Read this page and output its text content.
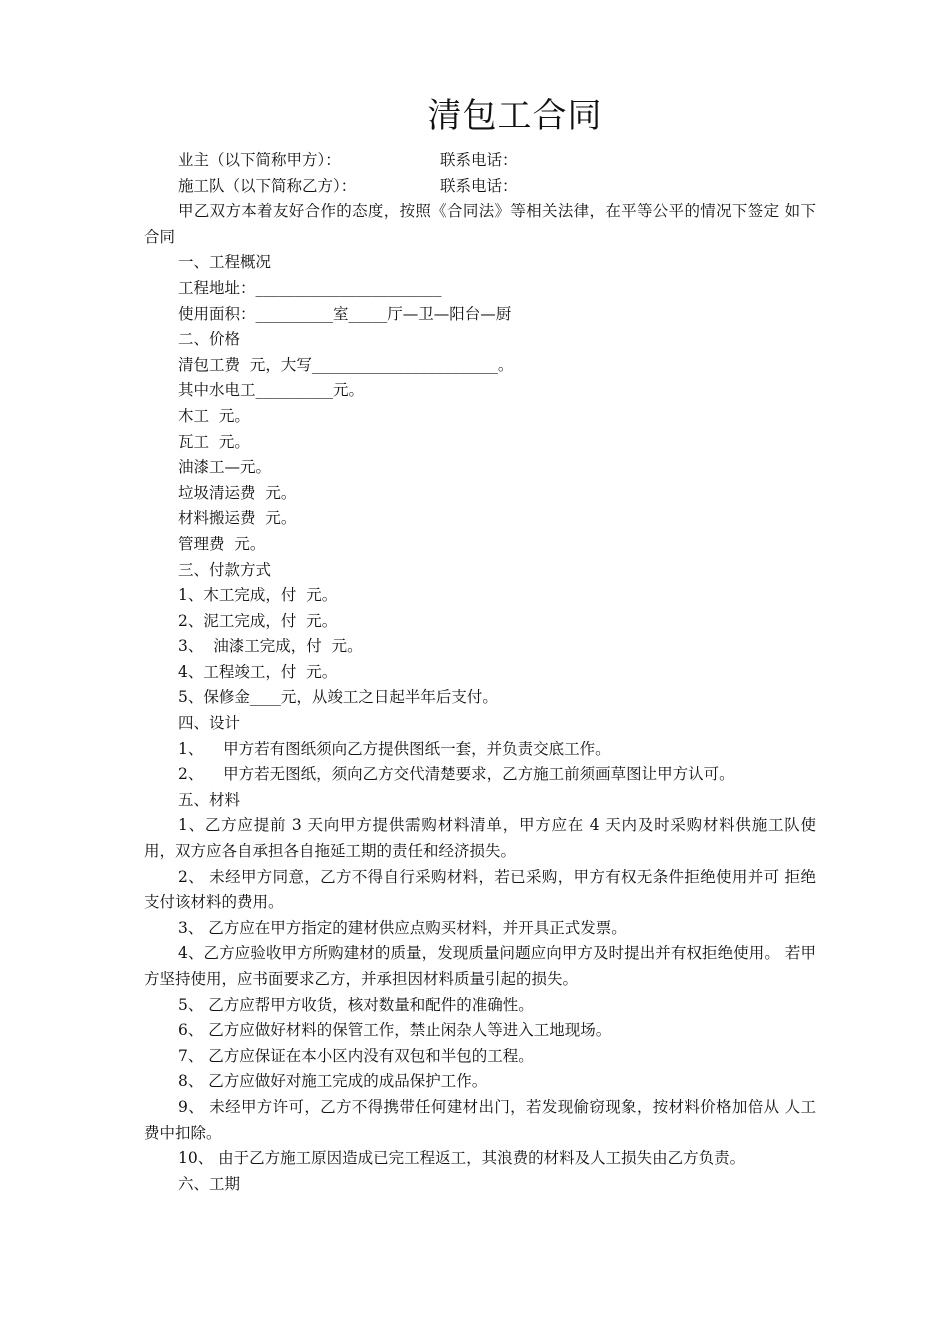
清包工合同
业主（以下简称甲方）：	联系电话：
施工队（以下简称乙方）：	联系电话：

甲乙双方本着友好合作的态度，按照《合同法》等相关法律，在平等公平的情况下签定 如下合同

一、工程概况

工程地址：________________________

使用面积：__________室_____厅—卫—阳台—厨

二、价格

清包工费  元，大写________________________。

其中水电工__________元。

木工  元。

瓦工  元。

油漆工—元。

垃圾清运费  元。

材料搬运费  元。

管理费  元。

三、付款方式

1、木工完成，付  元。

2、泥工完成，付  元。

3、  油漆工完成，付  元。

4、工程竣工，付  元。

5、保修金____元，从竣工之日起半年后支付。

四、设计

1、    甲方若有图纸须向乙方提供图纸一套，并负责交底工作。

2、    甲方若无图纸，须向乙方交代清楚要求，乙方施工前须画草图让甲方认可。

五、材料

1、乙方应提前 3 天向甲方提供需购材料清单，甲方应在 4 天内及时采购材料供施工队使用，双方应各自承担各自拖延工期的责任和经济损失。

2、 未经甲方同意，乙方不得自行采购材料，若已采购，甲方有权无条件拒绝使用并可 拒绝支付该材料的费用。

3、 乙方应在甲方指定的建材供应点购买材料，并开具正式发票。

4、乙方应验收甲方所购建材的质量，发现质量问题应向甲方及时提出并有权拒绝使用。 若甲方坚持使用，应书面要求乙方，并承担因材料质量引起的损失。

5、 乙方应帮甲方收货，核对数量和配件的准确性。

6、 乙方应做好材料的保管工作，禁止闲杂人等进入工地现场。

7、 乙方应保证在本小区内没有双包和半包的工程。

8、 乙方应做好对施工完成的成品保护工作。

9、 未经甲方许可，乙方不得携带任何建材出门，若发现偷窃现象，按材料价格加倍从 人工费中扣除。

10、 由于乙方施工原因造成已完工程返工，其浪费的材料及人工损失由乙方负责。

六、工期
